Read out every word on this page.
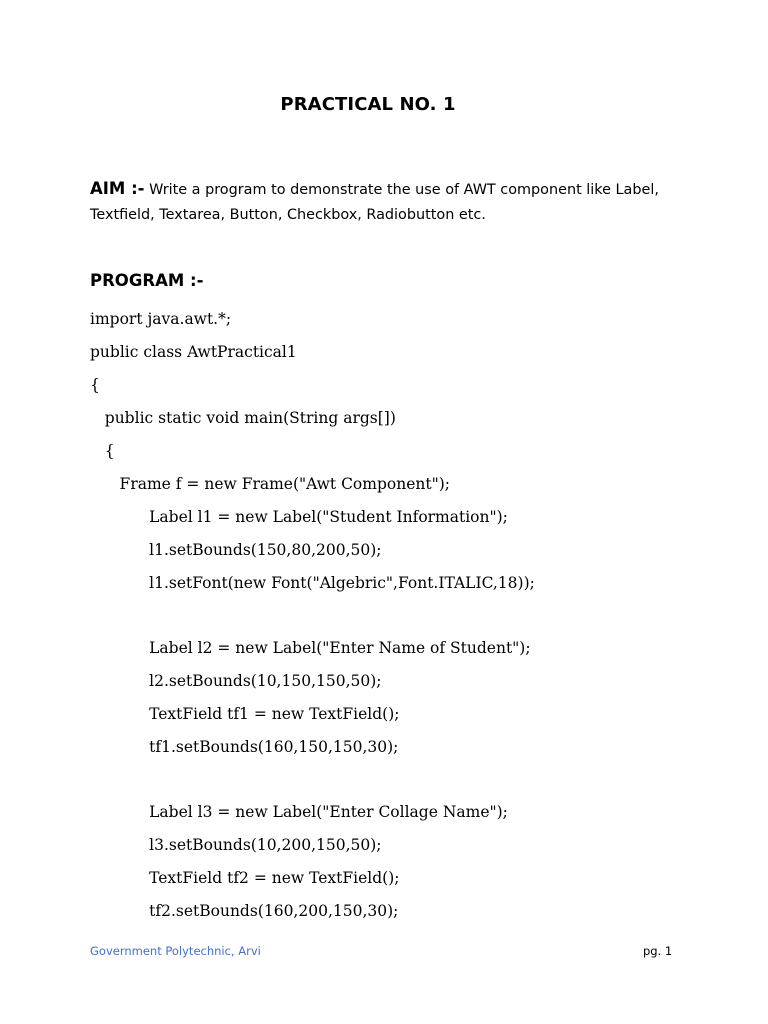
PRACTICAL NO. 1
AIM :- Write a program to demonstrate the use of AWT component like Label, Textfield, Textarea, Button, Checkbox, Radiobutton etc.
PROGRAM :-
import java.awt.*;
public class AwtPractical1
{
public static void main(String args[])
{
Frame f = new Frame("Awt Component");
Label l1 = new Label("Student Information");
l1.setBounds(150,80,200,50);
l1.setFont(new Font("Algebric",Font.ITALIC,18));
Label l2 = new Label("Enter Name of Student");
l2.setBounds(10,150,150,50);
TextField tf1 = new TextField();
tf1.setBounds(160,150,150,30);
Label l3 = new Label("Enter Collage Name");
l3.setBounds(10,200,150,50);
TextField tf2 = new TextField();
tf2.setBounds(160,200,150,30);
Government Polytechnic, Arvi	pg. 1
